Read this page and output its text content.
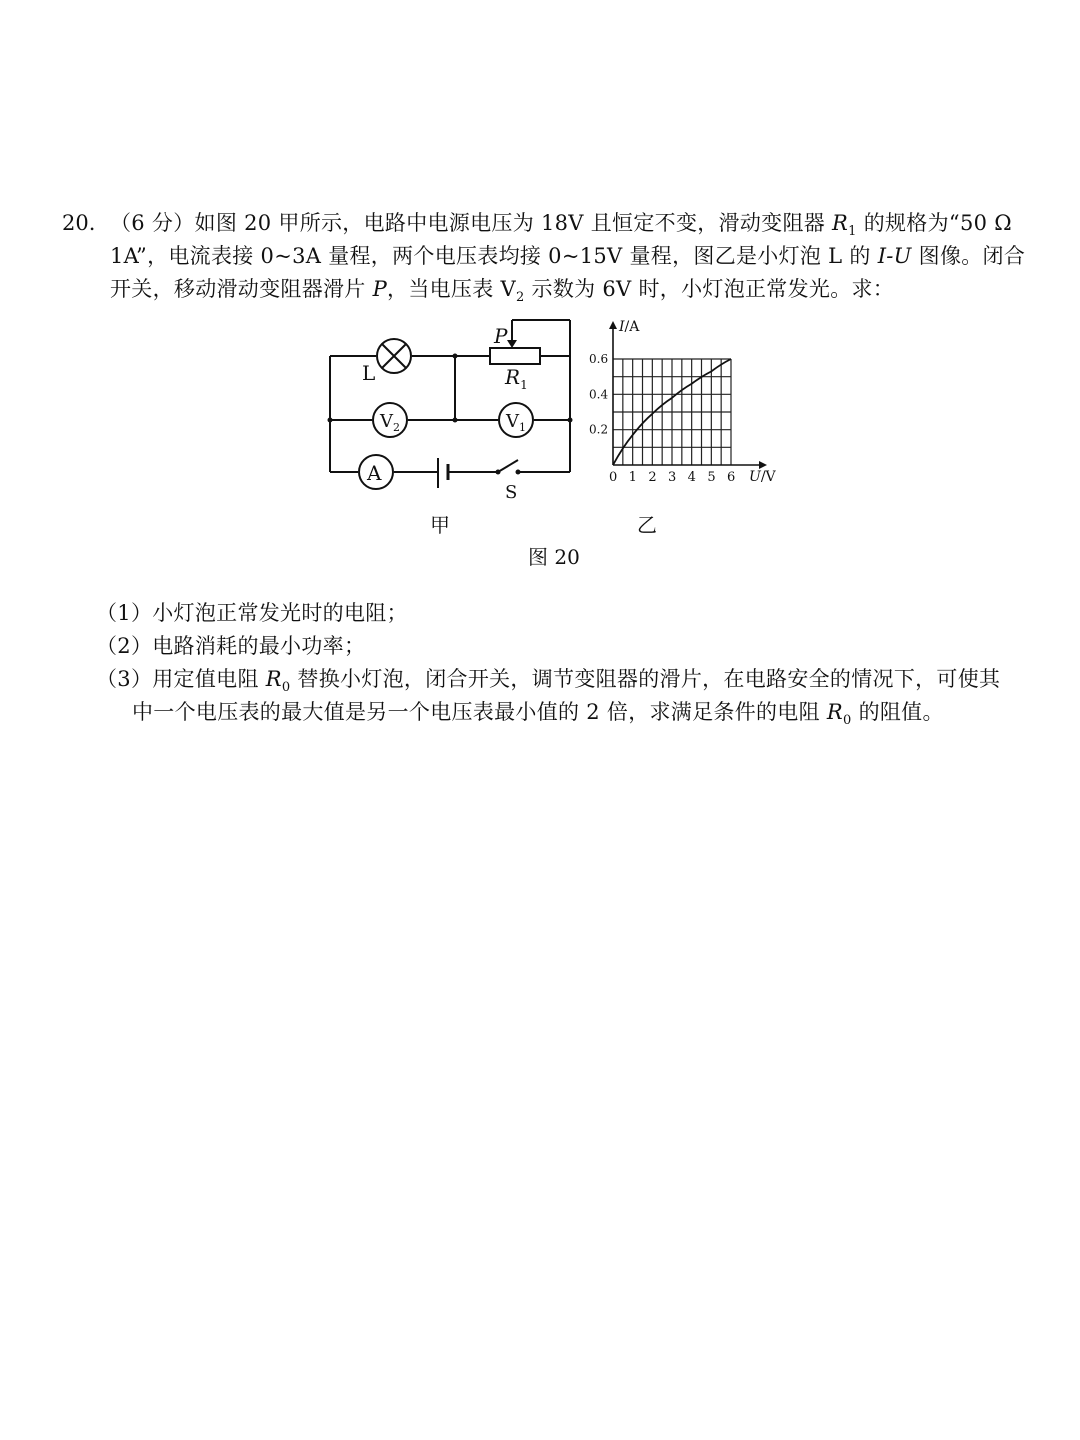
20. （6 分）如图 20 甲所示，电路中电源电压为 18V 且恒定不变，滑动变阻器 $R_1$ 的规格为“50 Ω
1A”，电流表接 0~3A 量程，两个电压表均接 0~15V 量程，图乙是小灯泡 L 的 I-U 图像。闭合
开关，移动滑动变阻器滑片 P，当电压表 $V_2$ 示数为 6V 时，小灯泡正常发光。求：
L
P
$R_1$
$V_2$	$V_1$
A
S
甲
0 1 2 3 4 5 6
0.2
0.4
0.6
I/A
U/V
乙
图 20
（1）小灯泡正常发光时的电阻；
（2）电路消耗的最小功率；
（3）用定值电阻 $R_0$ 替换小灯泡，闭合开关，调节变阻器的滑片，在电路安全的情况下，可使其
中一个电压表的最大值是另一个电压表最小值的 2 倍，求满足条件的电阻 $R_0$ 的阻值。
